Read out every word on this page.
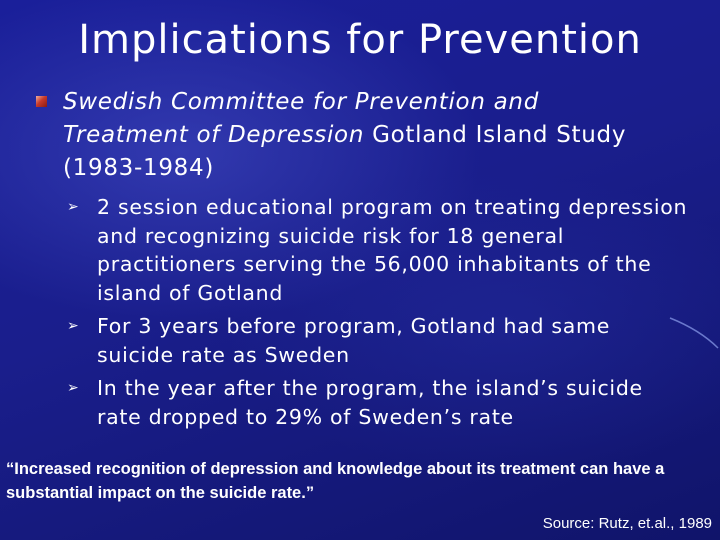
Implications for Prevention
Swedish Committee for Prevention and Treatment of Depression Gotland Island Study (1983-1984)
➢ 2 session educational program on treating depression and recognizing suicide risk for 18 general practitioners serving the 56,000 inhabitants of the island of Gotland
➢ For 3 years before program, Gotland had same suicide rate as Sweden
➢ In the year after the program, the island’s suicide rate dropped to 29% of Sweden’s rate
“Increased recognition of depression and knowledge about its treatment can have a substantial impact on the suicide rate.”
Source: Rutz, et.al., 1989
